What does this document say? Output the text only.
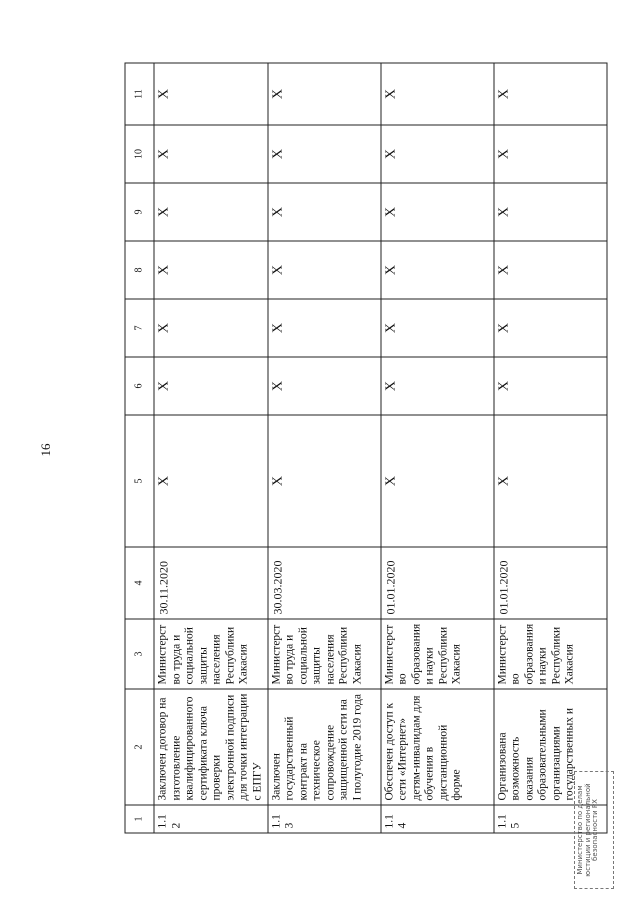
16
1	2	3	4	5	6	7	8	9	10	11
1.12	Заключен договор на изготовление квалифицированного сертификата ключа проверки электронной подписи для точки интеграции с ЕПГУ	Министерство труда и социальной защиты населения Республики Хакасия	30.11.2020	Х	Х	Х	Х	Х	Х	Х
1.13	Заключен государственный контракт на техническое сопровождение защищенной сети на I полугодие 2019 года	Министерство труда и социальной защиты населения Республики Хакасия	30.03.2020	Х	Х	Х	Х	Х	Х	Х
1.14	Обеспечен доступ к сети «Интернет» детям-инвалидам для обучения в дистанционной форме	Министерство образования и науки Республики Хакасия	01.01.2020	Х	Х	Х	Х	Х	Х	Х
1.15	Организована возможность оказания образовательными организациями государственных и	Министерство образования и науки Республики Хакасия	01.01.2020	Х	Х	Х	Х	Х	Х	Х
Министерство по делам юстиции и региональной безопасности РХ
